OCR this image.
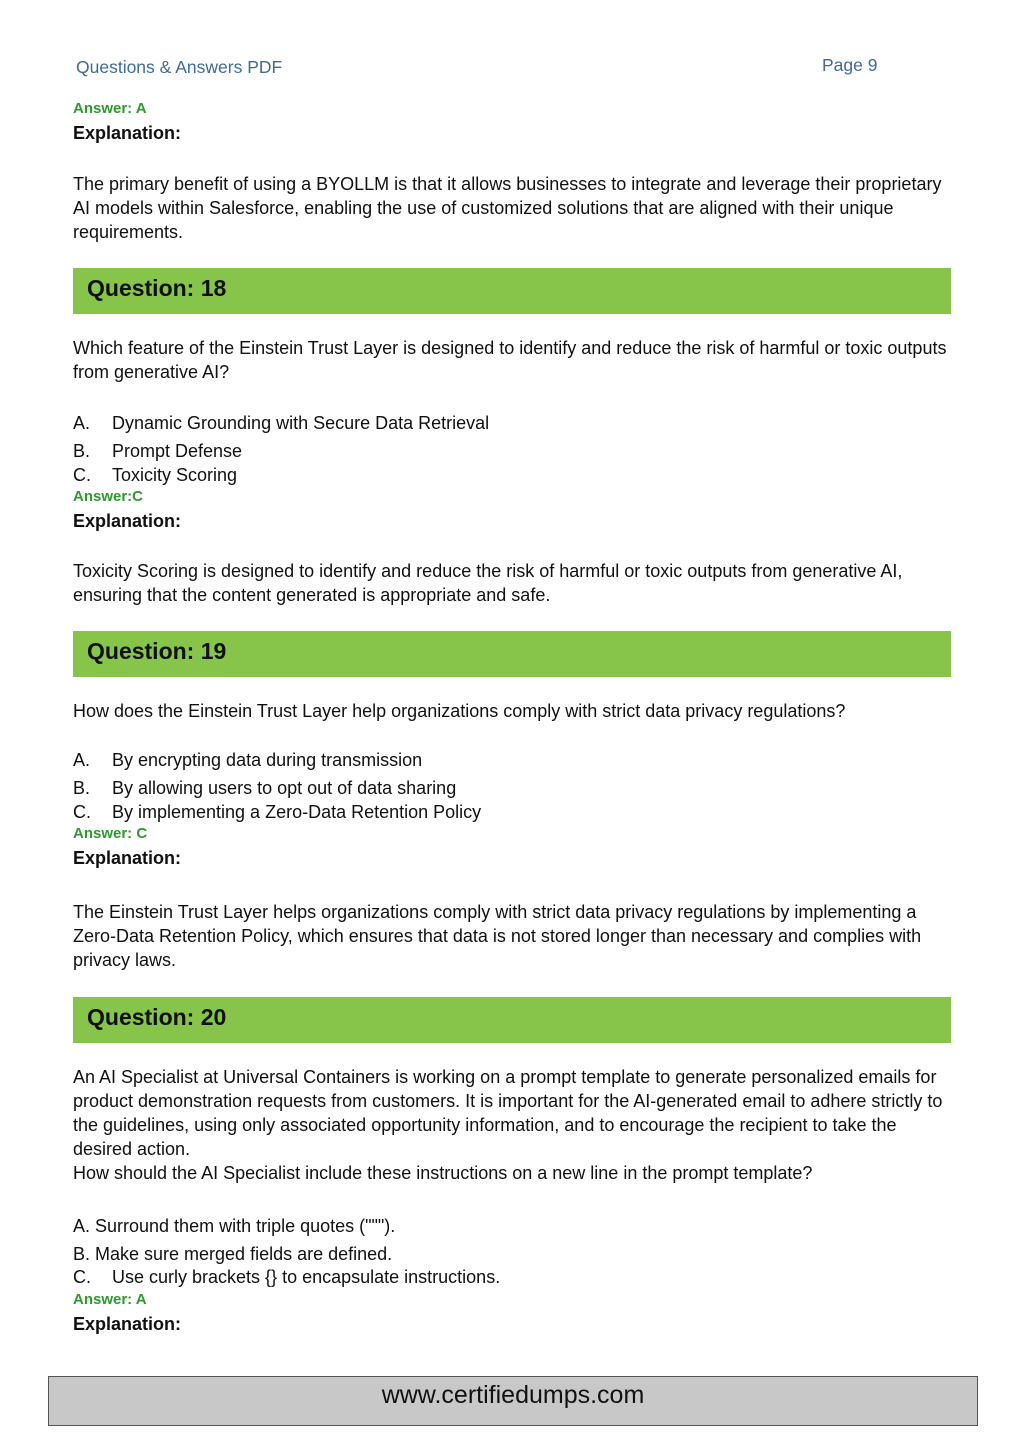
Questions & Answers PDF	Page 9
Answer: A
Explanation:
The primary benefit of using a BYOLLM is that it allows businesses to integrate and leverage their proprietary AI models within Salesforce, enabling the use of customized solutions that are aligned with their unique requirements.
Question: 18
Which feature of the Einstein Trust Layer is designed to identify and reduce the risk of harmful or toxic outputs from generative AI?
A. Dynamic Grounding with Secure Data Retrieval
B. Prompt Defense
C. Toxicity Scoring
Answer:C
Explanation:
Toxicity Scoring is designed to identify and reduce the risk of harmful or toxic outputs from generative AI, ensuring that the content generated is appropriate and safe.
Question: 19
How does the Einstein Trust Layer help organizations comply with strict data privacy regulations?
A. By encrypting data during transmission
B. By allowing users to opt out of data sharing
C. By implementing a Zero-Data Retention Policy
Answer: C
Explanation:
The Einstein Trust Layer helps organizations comply with strict data privacy regulations by implementing a Zero-Data Retention Policy, which ensures that data is not stored longer than necessary and complies with privacy laws.
Question: 20
An AI Specialist at Universal Containers is working on a prompt template to generate personalized emails for product demonstration requests from customers. It is important for the AI-generated email to adhere strictly to the guidelines, using only associated opportunity information, and to encourage the recipient to take the desired action.
How should the AI Specialist include these instructions on a new line in the prompt template?
A. Surround them with triple quotes (""").
B. Make sure merged fields are defined.
C. Use curly brackets {} to encapsulate instructions.
Answer: A
Explanation:
www.certifiedumps.com
